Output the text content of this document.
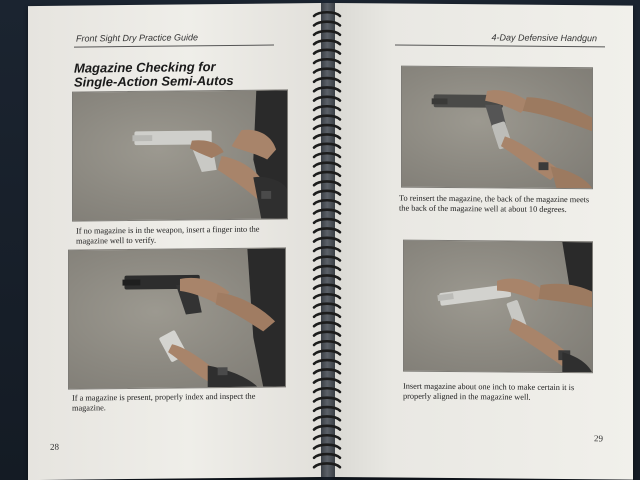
Front Sight Dry Practice Guide
Magazine Checking for
Single-Action Semi-Autos
If no magazine is in the weapon, insert a finger into the magazine well to verify.
If a magazine is present, properly index and inspect the magazine.
28
4-Day Defensive Handgun
To reinsert the magazine, the back of the magazine meets the back of the magazine well at about 10 degrees.
Insert magazine about one inch to make certain it is properly aligned in the magazine well.
29
